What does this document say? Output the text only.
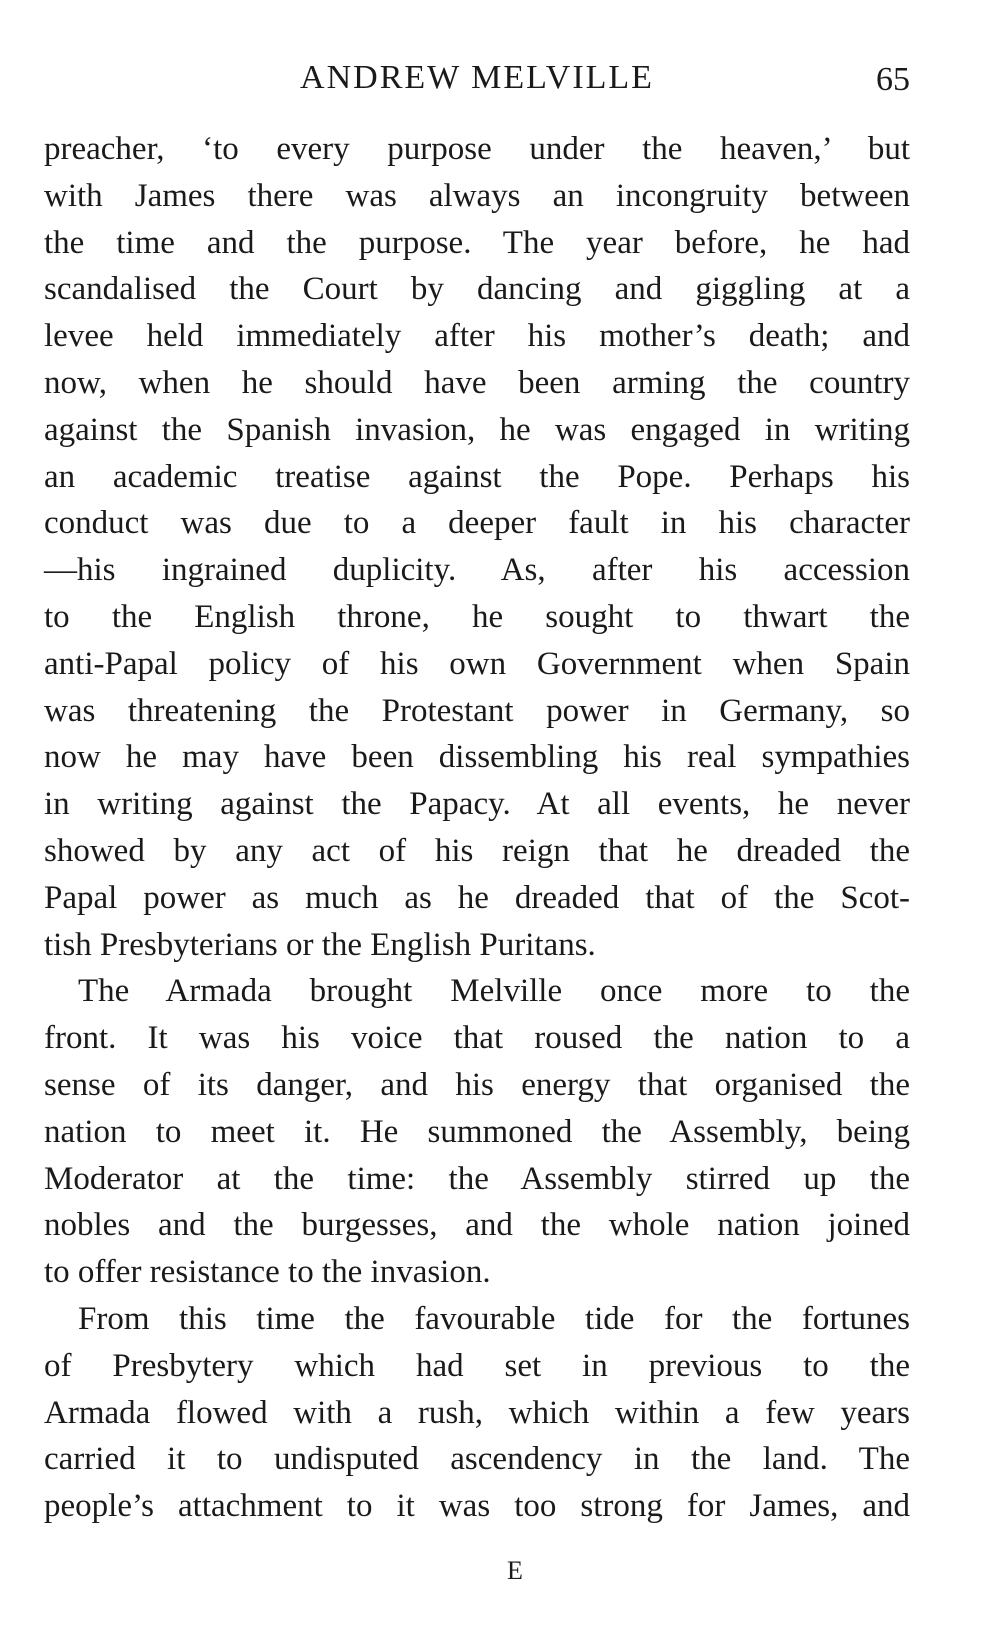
ANDREW MELVILLE	65
preacher, ‘to every purpose under the heaven,’ but
with James there was always an incongruity between
the time and the purpose. The year before, he had
scandalised the Court by dancing and giggling at a
levee held immediately after his mother’s death; and
now, when he should have been arming the country
against the Spanish invasion, he was engaged in writing
an academic treatise against the Pope. Perhaps his
conduct was due to a deeper fault in his character
—his ingrained duplicity. As, after his accession
to the English throne, he sought to thwart the
anti-Papal policy of his own Government when Spain
was threatening the Protestant power in Germany, so
now he may have been dissembling his real sympathies
in writing against the Papacy. At all events, he never
showed by any act of his reign that he dreaded the
Papal power as much as he dreaded that of the Scot-
tish Presbyterians or the English Puritans.
The Armada brought Melville once more to the
front. It was his voice that roused the nation to a
sense of its danger, and his energy that organised the
nation to meet it. He summoned the Assembly, being
Moderator at the time: the Assembly stirred up the
nobles and the burgesses, and the whole nation joined
to offer resistance to the invasion.
From this time the favourable tide for the fortunes
of Presbytery which had set in previous to the
Armada flowed with a rush, which within a few years
carried it to undisputed ascendency in the land. The
people’s attachment to it was too strong for James, and
E
